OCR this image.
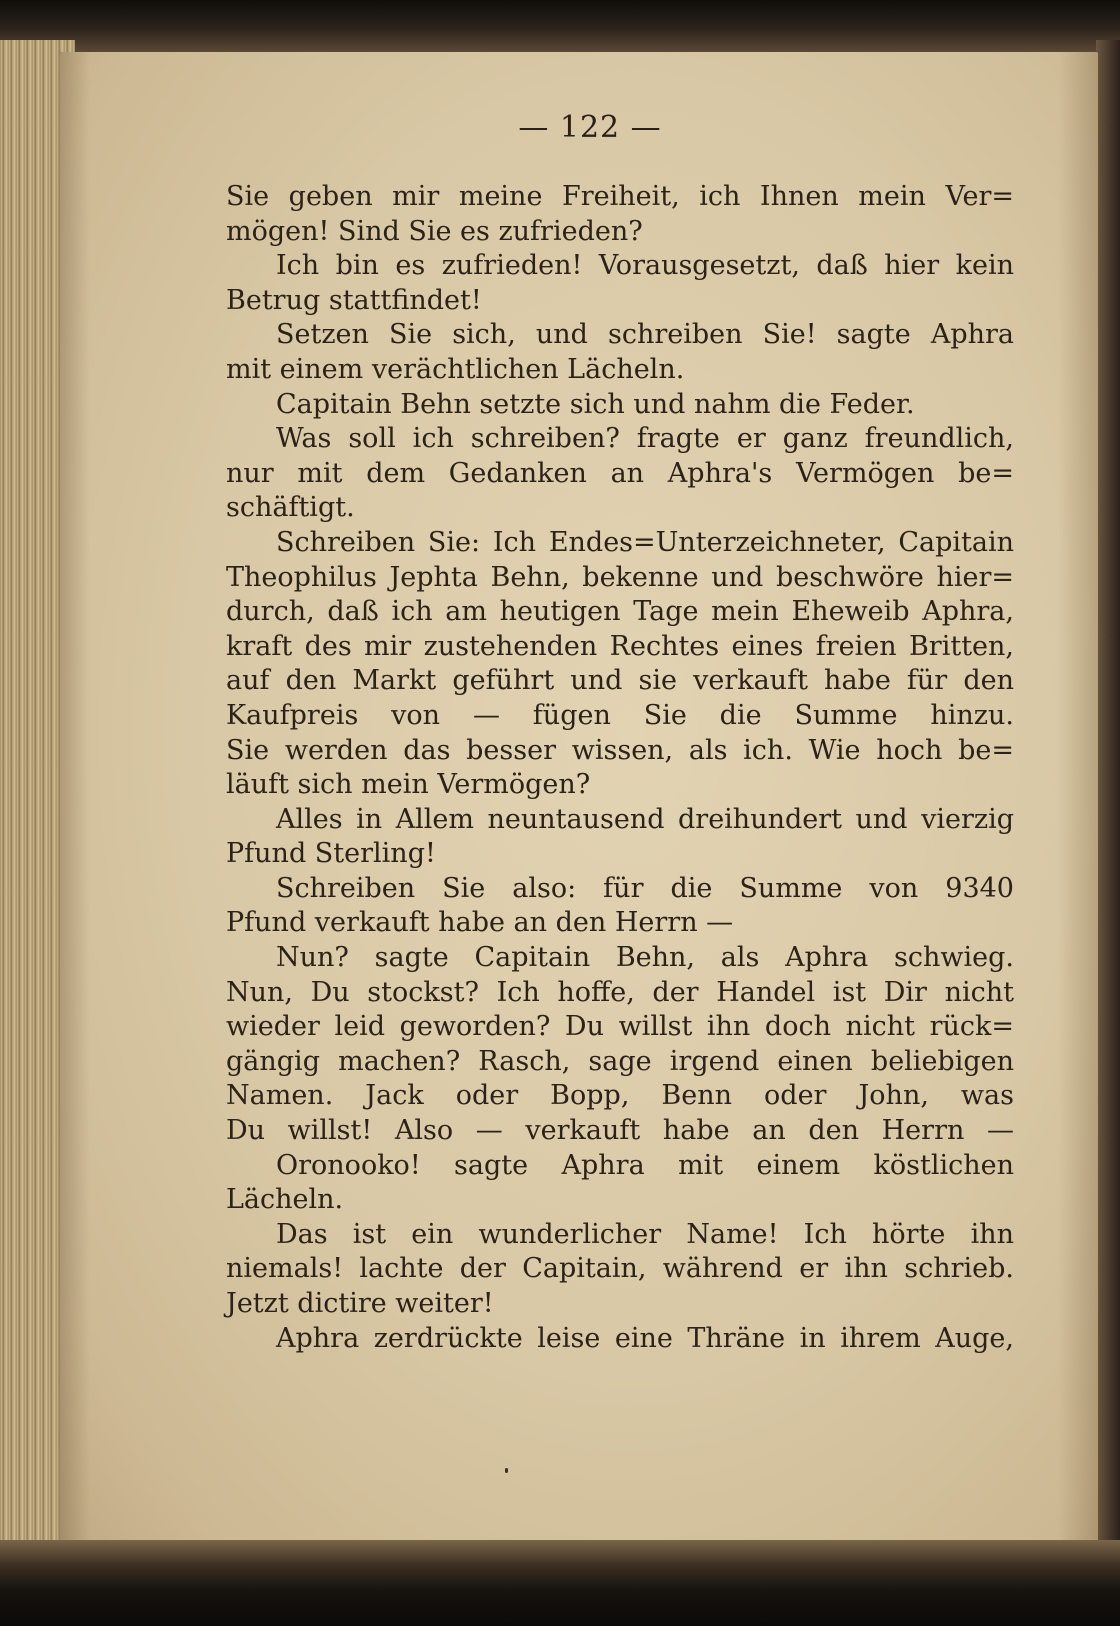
— 122 —
Sie geben mir meine Freiheit, ich Ihnen mein Ver=
mögen! Sind Sie es zufrieden?
Ich bin es zufrieden! Vorausgesetzt, daß hier kein
Betrug stattfindet!
Setzen Sie sich, und schreiben Sie! sagte Aphra
mit einem verächtlichen Lächeln.
Capitain Behn setzte sich und nahm die Feder.
Was soll ich schreiben? fragte er ganz freundlich,
nur mit dem Gedanken an Aphra's Vermögen be=
schäftigt.
Schreiben Sie: Ich Endes=Unterzeichneter, Capitain
Theophilus Jephta Behn, bekenne und beschwöre hier=
durch, daß ich am heutigen Tage mein Eheweib Aphra,
kraft des mir zustehenden Rechtes eines freien Britten,
auf den Markt geführt und sie verkauft habe für den
Kaufpreis von — fügen Sie die Summe hinzu.
Sie werden das besser wissen, als ich. Wie hoch be=
läuft sich mein Vermögen?
Alles in Allem neuntausend dreihundert und vierzig
Pfund Sterling!
Schreiben Sie also: für die Summe von 9340
Pfund verkauft habe an den Herrn —
Nun? sagte Capitain Behn, als Aphra schwieg.
Nun, Du stockst? Ich hoffe, der Handel ist Dir nicht
wieder leid geworden? Du willst ihn doch nicht rück=
gängig machen? Rasch, sage irgend einen beliebigen
Namen. Jack oder Bopp, Benn oder John, was
Du willst! Also — verkauft habe an den Herrn —
Oronooko! sagte Aphra mit einem köstlichen
Lächeln.
Das ist ein wunderlicher Name! Ich hörte ihn
niemals! lachte der Capitain, während er ihn schrieb.
Jetzt dictire weiter!
Aphra zerdrückte leise eine Thräne in ihrem Auge,
